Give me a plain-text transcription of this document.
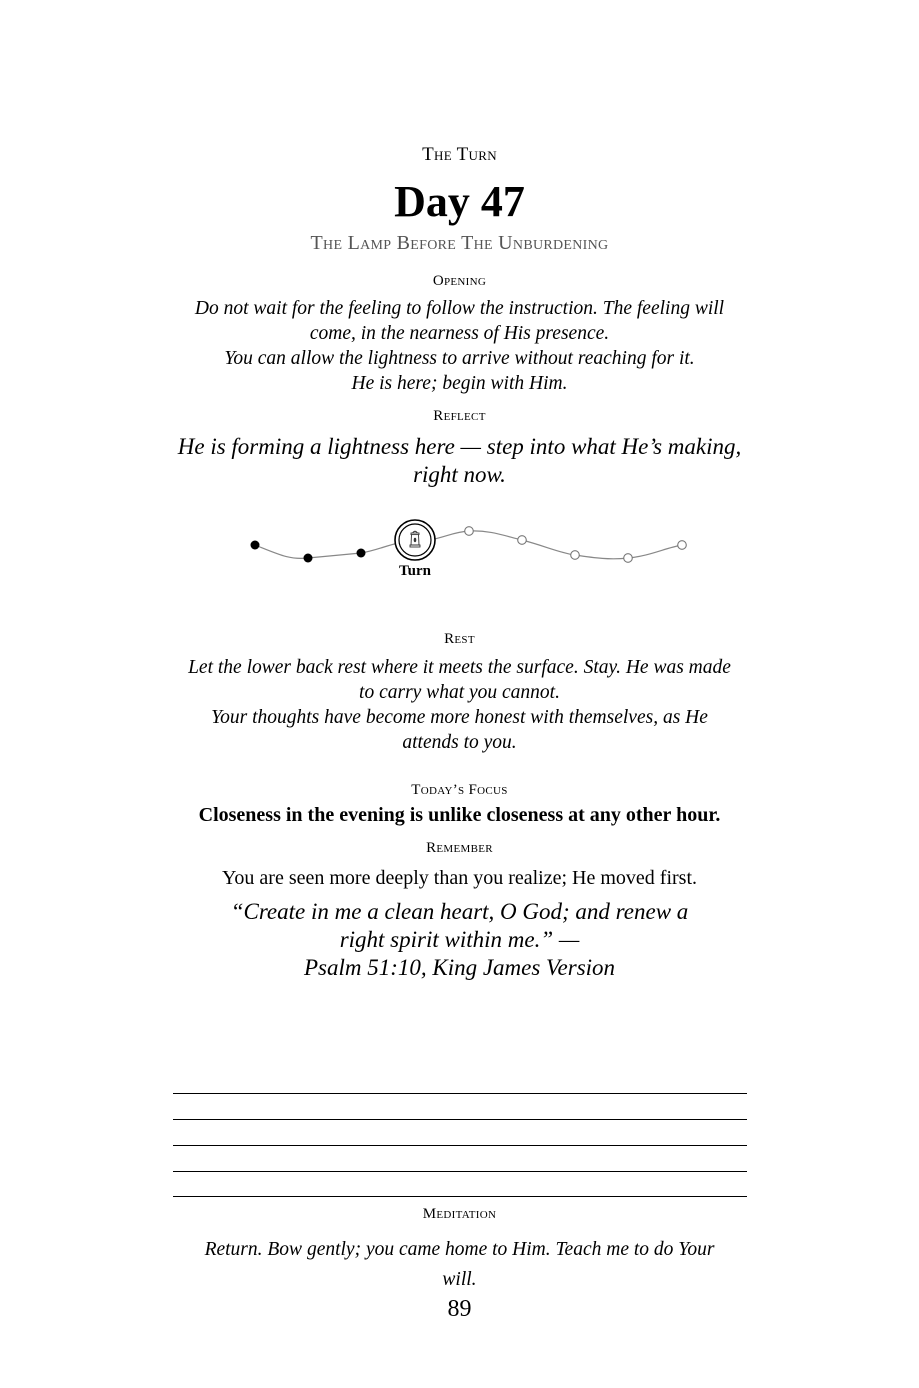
The Turn
Day 47
The Lamp Before The Unburdening
Opening

Do not wait for the feeling to follow the instruction. The feeling will

come, in the nearness of His presence.

You can allow the lightness to arrive without reaching for it.

He is here; begin with Him.

Reflect

He is forming a lightness here — step into what He’s making,

right now.

Turn
Rest

Let the lower back rest where it meets the surface. Stay. He was made

to carry what you cannot.

Your thoughts have become more honest with themselves, as He

attends to you.

Today’s Focus
Closeness in the evening is unlike closeness at any other hour.
Remember
You are seen more deeply than you realize; He moved first.

“Create in me a clean heart, O God; and renew a

right spirit within me.” —

Psalm 51:10, King James Version

Meditation

Return. Bow gently; you came home to Him. Teach me to do Your

will.

89
